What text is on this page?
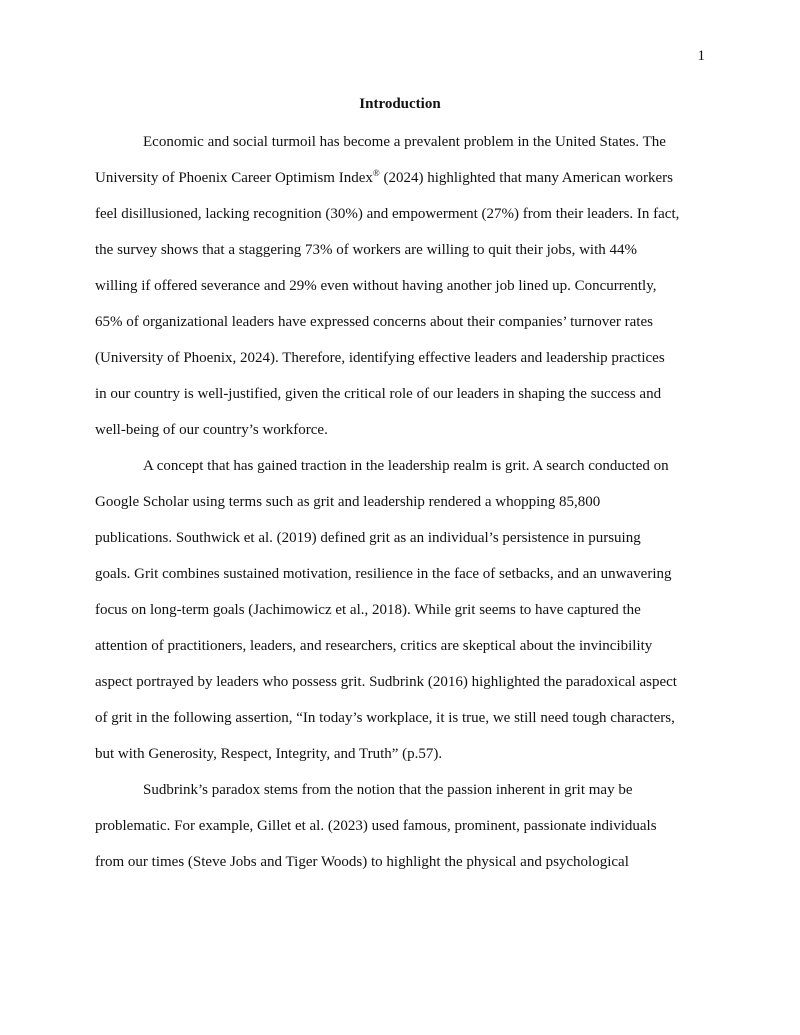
1
Introduction
Economic and social turmoil has become a prevalent problem in the United States. The
University of Phoenix Career Optimism Index® (2024) highlighted that many American workers
feel disillusioned, lacking recognition (30%) and empowerment (27%) from their leaders. In fact,
the survey shows that a staggering 73% of workers are willing to quit their jobs, with 44%
willing if offered severance and 29% even without having another job lined up. Concurrently,
65% of organizational leaders have expressed concerns about their companies’ turnover rates
(University of Phoenix, 2024). Therefore, identifying effective leaders and leadership practices
in our country is well-justified, given the critical role of our leaders in shaping the success and
well-being of our country’s workforce.
A concept that has gained traction in the leadership realm is grit. A search conducted on
Google Scholar using terms such as grit and leadership rendered a whopping 85,800
publications. Southwick et al. (2019) defined grit as an individual’s persistence in pursuing
goals. Grit combines sustained motivation, resilience in the face of setbacks, and an unwavering
focus on long-term goals (Jachimowicz et al., 2018). While grit seems to have captured the
attention of practitioners, leaders, and researchers, critics are skeptical about the invincibility
aspect portrayed by leaders who possess grit. Sudbrink (2016) highlighted the paradoxical aspect
of grit in the following assertion, “In today’s workplace, it is true, we still need tough characters,
but with Generosity, Respect, Integrity, and Truth” (p.57).
Sudbrink’s paradox stems from the notion that the passion inherent in grit may be
problematic. For example, Gillet et al. (2023) used famous, prominent, passionate individuals
from our times (Steve Jobs and Tiger Woods) to highlight the physical and psychological
